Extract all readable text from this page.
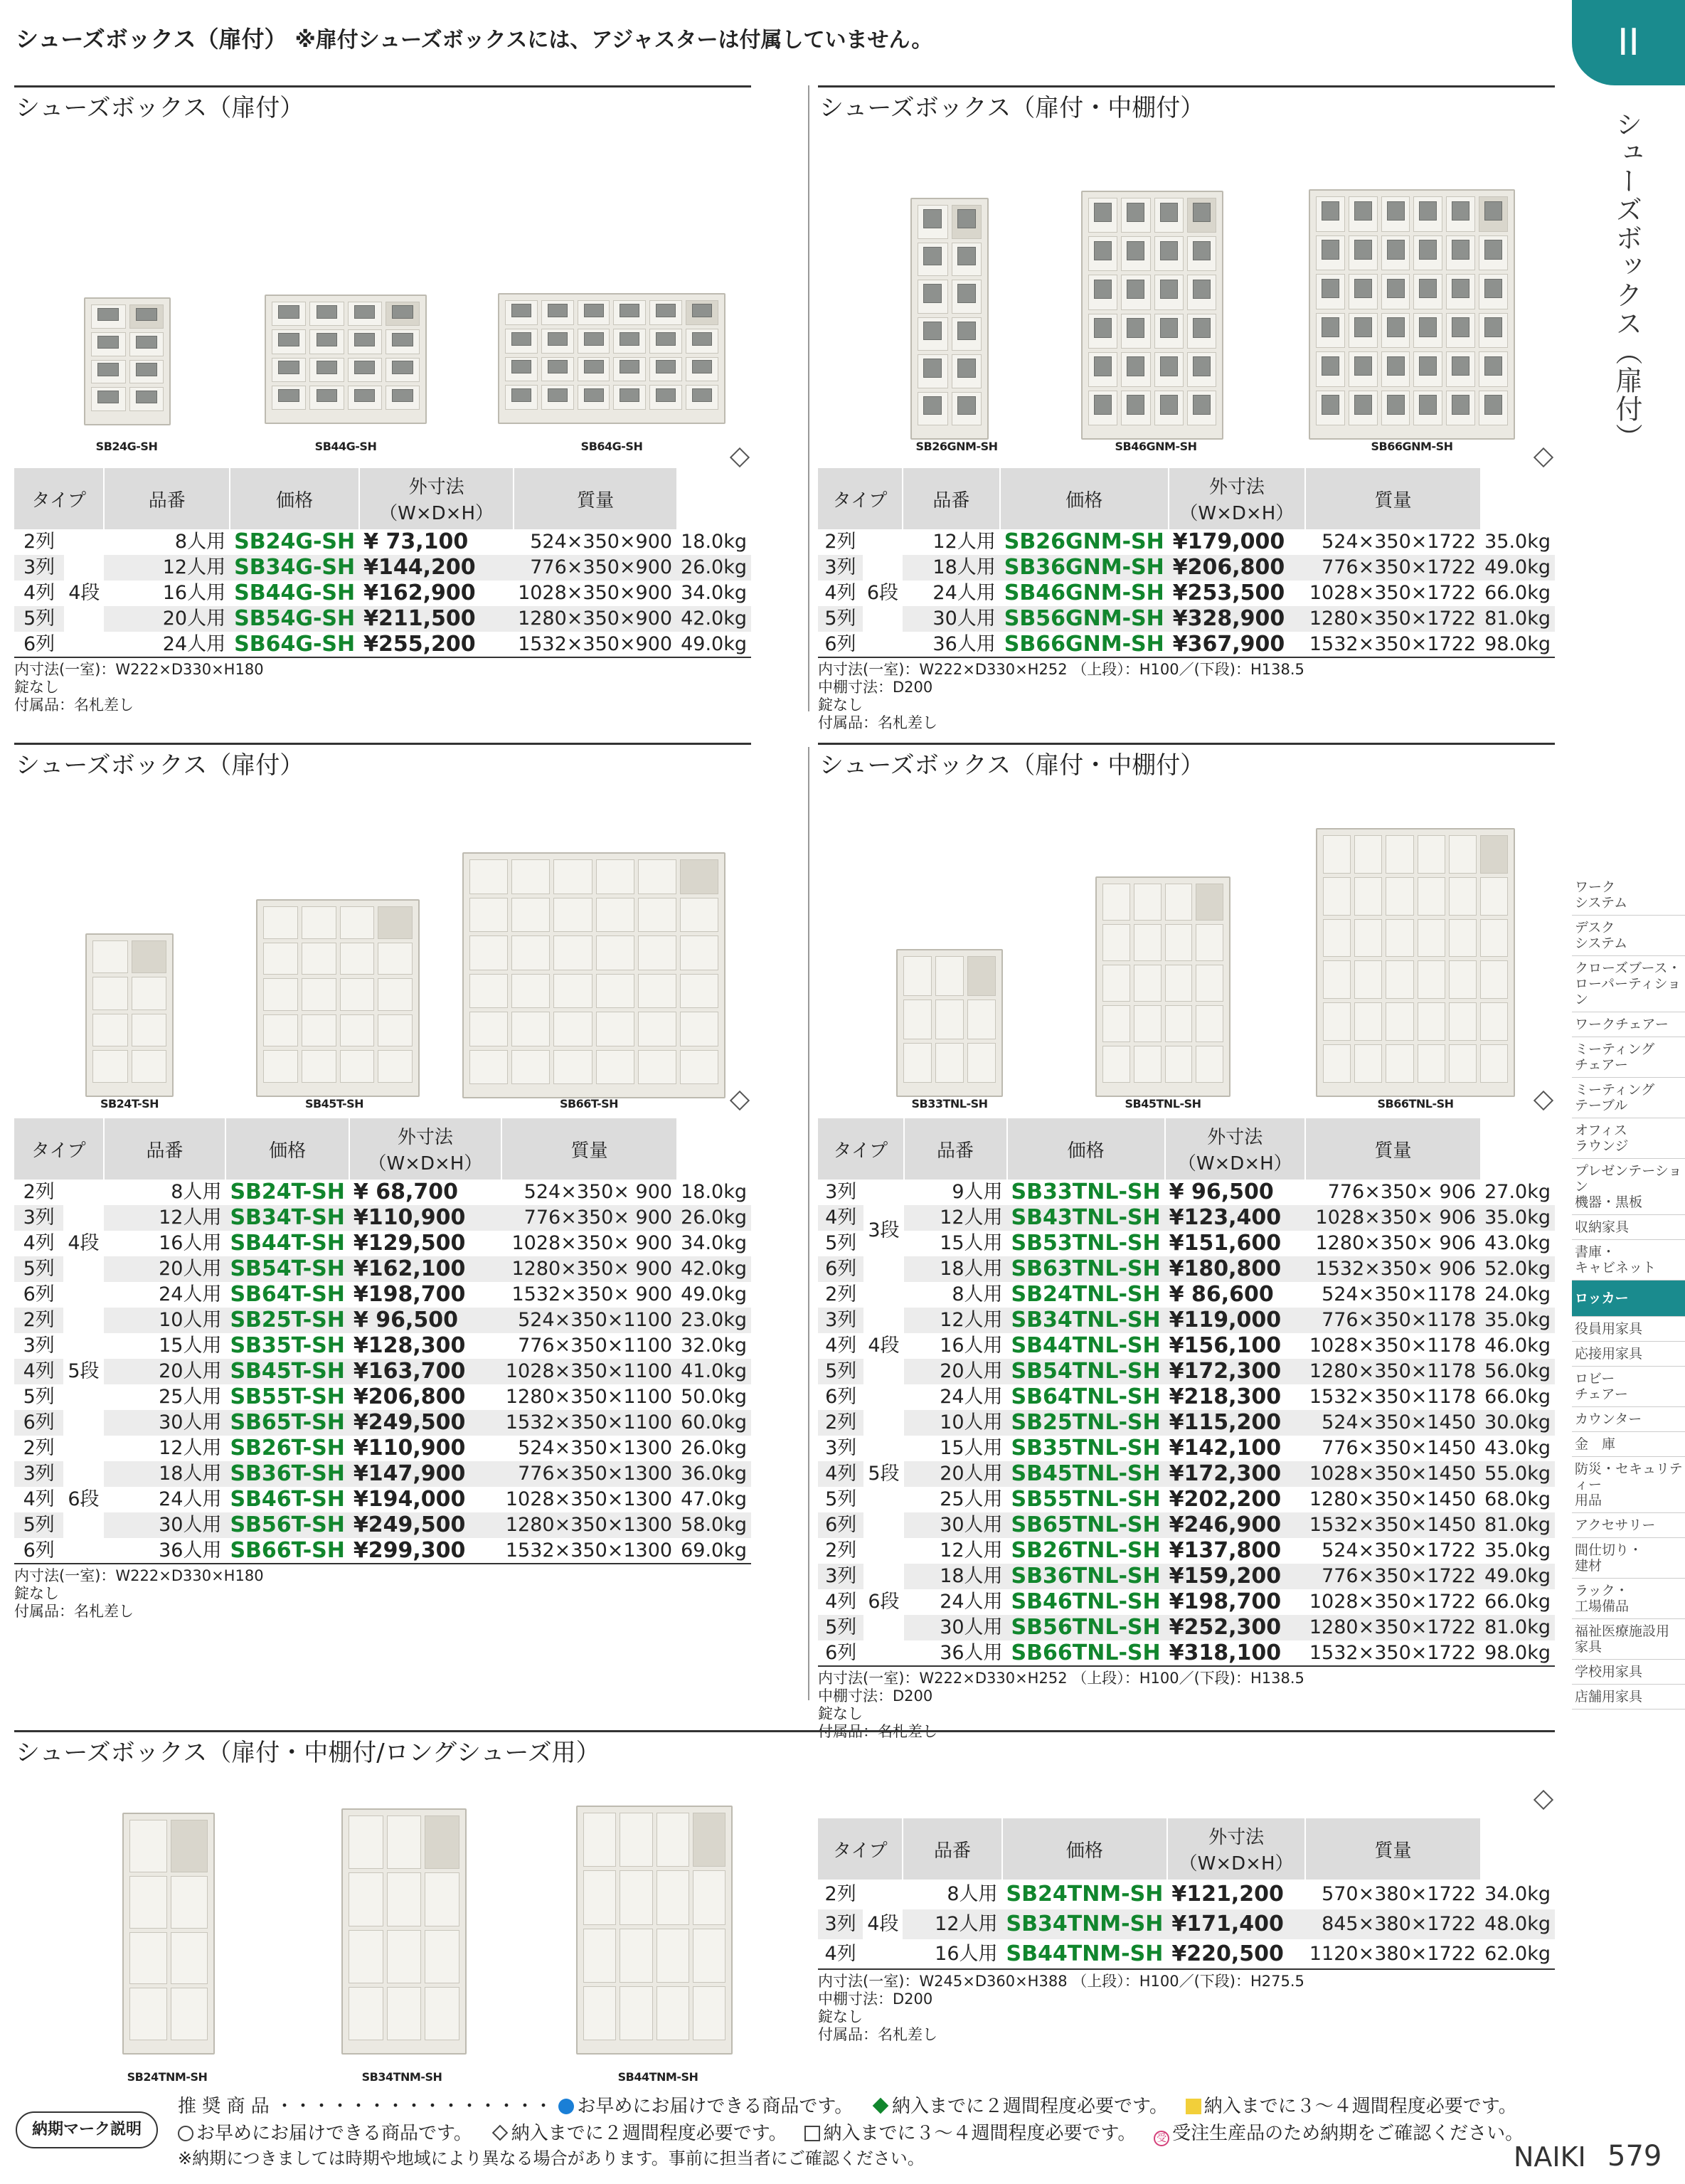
シューズボックス（扉付） ※扉付シューズボックスには、アジャスターは付属していません。
シューズボックス（扉付）
SB24G-SH	SB44G-SH	SB64G-SH
タイプ		品番	価格	外寸法（W×D×H）	質量	
2列	4段	8人用	SB24G-SH	¥ 73,100	524×350×900	18.0kg
3列		12人用	SB34G-SH	¥144,200	776×350×900	26.0kg
4列		16人用	SB44G-SH	¥162,900	1028×350×900	34.0kg
5列		20人用	SB54G-SH	¥211,500	1280×350×900	42.0kg
6列		24人用	SB64G-SH	¥255,200	1532×350×900	49.0kg
内寸法(一室)：W222×D330×H180
錠なし
付属品：名札差し
シューズボックス（扉付・中棚付）
SB26GNM-SH	SB46GNM-SH	SB66GNM-SH
タイプ		品番	価格	外寸法（W×D×H）	質量	
2列	6段	12人用	SB26GNM-SH	¥179,000	524×350×1722	35.0kg
3列		18人用	SB36GNM-SH	¥206,800	776×350×1722	49.0kg
4列		24人用	SB46GNM-SH	¥253,500	1028×350×1722	66.0kg
5列		30人用	SB56GNM-SH	¥328,900	1280×350×1722	81.0kg
6列		36人用	SB66GNM-SH	¥367,900	1532×350×1722	98.0kg
内寸法(一室)：W222×D330×H252 （上段）：H100／(下段)：H138.5
中棚寸法：D200
錠なし
付属品：名札差し
シューズボックス（扉付）
SB24T-SH	SB45T-SH	SB66T-SH
タイプ		品番	価格	外寸法（W×D×H）	質量	
2列	4段	8人用	SB24T-SH	¥ 68,700	524×350× 900	18.0kg
3列		12人用	SB34T-SH	¥110,900	776×350× 900	26.0kg
4列		16人用	SB44T-SH	¥129,500	1028×350× 900	34.0kg
5列		20人用	SB54T-SH	¥162,100	1280×350× 900	42.0kg
6列		24人用	SB64T-SH	¥198,700	1532×350× 900	49.0kg
2列	5段	10人用	SB25T-SH	¥ 96,500	524×350×1100	23.0kg
3列		15人用	SB35T-SH	¥128,300	776×350×1100	32.0kg
4列		20人用	SB45T-SH	¥163,700	1028×350×1100	41.0kg
5列		25人用	SB55T-SH	¥206,800	1280×350×1100	50.0kg
6列		30人用	SB65T-SH	¥249,500	1532×350×1100	60.0kg
2列	6段	12人用	SB26T-SH	¥110,900	524×350×1300	26.0kg
3列		18人用	SB36T-SH	¥147,900	776×350×1300	36.0kg
4列		24人用	SB46T-SH	¥194,000	1028×350×1300	47.0kg
5列		30人用	SB56T-SH	¥249,500	1280×350×1300	58.0kg
6列		36人用	SB66T-SH	¥299,300	1532×350×1300	69.0kg
内寸法(一室)：W222×D330×H180
錠なし
付属品：名札差し
シューズボックス（扉付・中棚付）
SB33TNL-SH	SB45TNL-SH	SB66TNL-SH
タイプ		品番	価格	外寸法（W×D×H）	質量	
3列	3段	9人用	SB33TNL-SH	¥ 96,500	776×350× 906	27.0kg
4列		12人用	SB43TNL-SH	¥123,400	1028×350× 906	35.0kg
5列		15人用	SB53TNL-SH	¥151,600	1280×350× 906	43.0kg
6列		18人用	SB63TNL-SH	¥180,800	1532×350× 906	52.0kg
2列	4段	8人用	SB24TNL-SH	¥ 86,600	524×350×1178	24.0kg
3列		12人用	SB34TNL-SH	¥119,000	776×350×1178	35.0kg
4列		16人用	SB44TNL-SH	¥156,100	1028×350×1178	46.0kg
5列		20人用	SB54TNL-SH	¥172,300	1280×350×1178	56.0kg
6列		24人用	SB64TNL-SH	¥218,300	1532×350×1178	66.0kg
2列	5段	10人用	SB25TNL-SH	¥115,200	524×350×1450	30.0kg
3列		15人用	SB35TNL-SH	¥142,100	776×350×1450	43.0kg
4列		20人用	SB45TNL-SH	¥172,300	1028×350×1450	55.0kg
5列		25人用	SB55TNL-SH	¥202,200	1280×350×1450	68.0kg
6列		30人用	SB65TNL-SH	¥246,900	1532×350×1450	81.0kg
2列	6段	12人用	SB26TNL-SH	¥137,800	524×350×1722	35.0kg
3列		18人用	SB36TNL-SH	¥159,200	776×350×1722	49.0kg
4列		24人用	SB46TNL-SH	¥198,700	1028×350×1722	66.0kg
5列		30人用	SB56TNL-SH	¥252,300	1280×350×1722	81.0kg
6列		36人用	SB66TNL-SH	¥318,100	1532×350×1722	98.0kg
内寸法(一室)：W222×D330×H252 （上段）：H100／(下段)：H138.5
中棚寸法：D200
錠なし
付属品：名札差し
シューズボックス（扉付・中棚付/ロングシューズ用）
SB24TNM-SH	SB34TNM-SH	SB44TNM-SH
タイプ		品番	価格	外寸法（W×D×H）	質量	
2列	4段	8人用	SB24TNM-SH	¥121,200	570×380×1722	34.0kg
3列		12人用	SB34TNM-SH	¥171,400	845×380×1722	48.0kg
4列		16人用	SB44TNM-SH	¥220,500	1120×380×1722	62.0kg
内寸法(一室)：W245×D360×H388 （上段）：H100／(下段)：H275.5
中棚寸法：D200
錠なし
付属品：名札差し
納期マーク説明
推 奨 商 品 ・・・・・・・・・・・・・・・ お早めにお届けできる商品です。 納入までに２週間程度必要です。 納入までに３～４週間程度必要です。
お早めにお届けできる商品です。 納入までに２週間程度必要です。 納入までに３～４週間程度必要です。 受 受注生産品のため納期をご確認ください。
※納期につきましては時期や地域により異なる場合があります。事前に担当者にご確認ください。	NAIKI 579
II
シューズボックス（扉付）
ワーク
システム
デスク
システム
クローズブース・
ローパーティション
ワークチェアー
ミーティング
チェアー
ミーティング
テーブル
オフィス
ラウンジ
プレゼンテーション
機器・黒板
収納家具
書庫・
キャビネット
ロッカー
役員用家具
応接用家具
ロビー
チェアー
カウンター
金　庫
防災・セキュリティー
用品
アクセサリー
間仕切り・
建材
ラック・
工場備品
福祉医療施設用
家具
学校用家具
店舗用家具
